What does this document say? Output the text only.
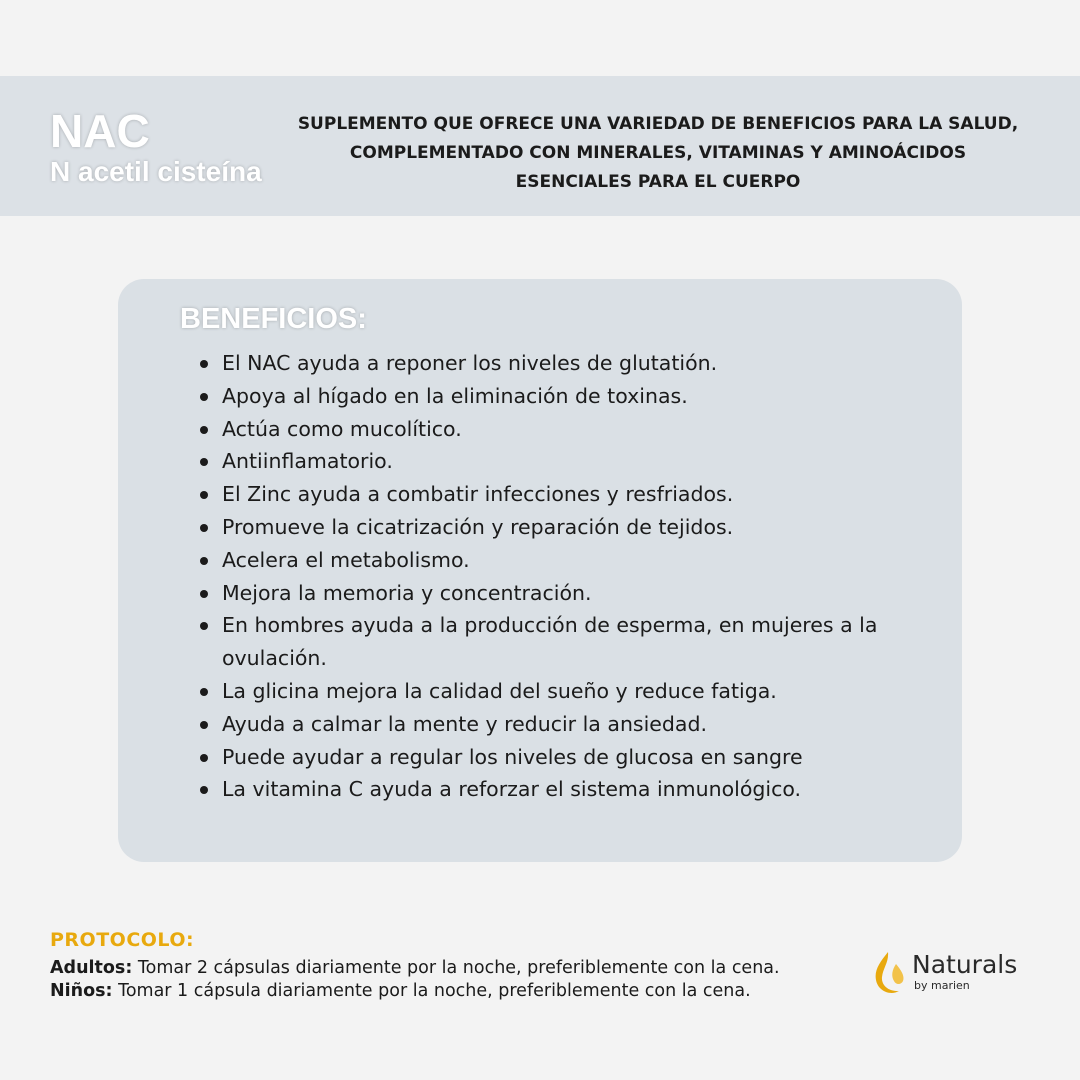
NAC
N acetil cisteína
SUPLEMENTO QUE OFRECE UNA VARIEDAD DE BENEFICIOS PARA LA SALUD,
COMPLEMENTADO CON MINERALES, VITAMINAS Y AMINOÁCIDOS
ESENCIALES PARA EL CUERPO
BENEFICIOS:
El NAC ayuda a reponer los niveles de glutatión.
Apoya al hígado en la eliminación de toxinas.
Actúa como mucolítico.
Antiinflamatorio.
El Zinc ayuda a combatir infecciones y resfriados.
Promueve la cicatrización y reparación de tejidos.
Acelera el metabolismo.
Mejora la memoria y concentración.
En hombres ayuda a la producción de esperma, en mujeres a la ovulación.
La glicina mejora la calidad del sueño y reduce fatiga.
Ayuda a calmar la mente y reducir la ansiedad.
Puede ayudar a regular los niveles de glucosa en sangre
La vitamina C ayuda a reforzar el sistema inmunológico.
PROTOCOLO:
Adultos: Tomar 2 cápsulas diariamente por la noche, preferiblemente con la cena.
Niños: Tomar 1 cápsula diariamente por la noche, preferiblemente con la cena.
Naturals
by marien
